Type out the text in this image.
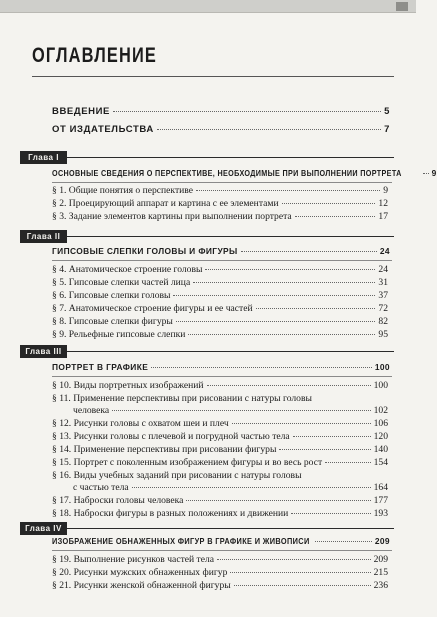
ОГЛАВЛЕНИЕ
ВВЕДЕНИЕ	5
ОТ ИЗДАТЕЛЬСТВА	7
Глава I
ОСНОВНЫЕ СВЕДЕНИЯ О ПЕРСПЕКТИВЕ, НЕОБХОДИМЫЕ ПРИ ВЫПОЛНЕНИИ ПОРТРЕТА	9
§ 1. Общие понятия о перспективе	9
§ 2. Проецирующий аппарат и картина с ее элементами	12
§ 3. Задание элементов картины при выполнении портрета	17
Глава II
ГИПСОВЫЕ СЛЕПКИ ГОЛОВЫ И ФИГУРЫ	24
§ 4. Анатомическое строение головы	24
§ 5. Гипсовые слепки частей лица	31
§ 6. Гипсовые слепки головы	37
§ 7. Анатомическое строение фигуры и ее частей	72
§ 8. Гипсовые слепки фигуры	82
§ 9. Рельефные гипсовые слепки	95
Глава III
ПОРТРЕТ В ГРАФИКЕ	100
§ 10. Виды портретных изображений	100
§ 11. Применение перспективы при рисовании с натуры головы
человека	102
§ 12. Рисунки головы с охватом шеи и плеч	106
§ 13. Рисунки головы с плечевой и погрудной частью тела	120
§ 14. Применение перспективы при рисовании фигуры	140
§ 15. Портрет с поколенным изображением фигуры и во весь рост	154
§ 16. Виды учебных заданий при рисовании с натуры головы
с частью тела	164
§ 17. Наброски головы человека	177
§ 18. Наброски фигуры в разных положениях и движении	193
Глава IV
ИЗОБРАЖЕНИЕ ОБНАЖЕННЫХ ФИГУР В ГРАФИКЕ И ЖИВОПИСИ	209
§ 19. Выполнение рисунков частей тела	209
§ 20. Рисунки мужских обнаженных фигур	215
§ 21. Рисунки женской обнаженной фигуры	236
